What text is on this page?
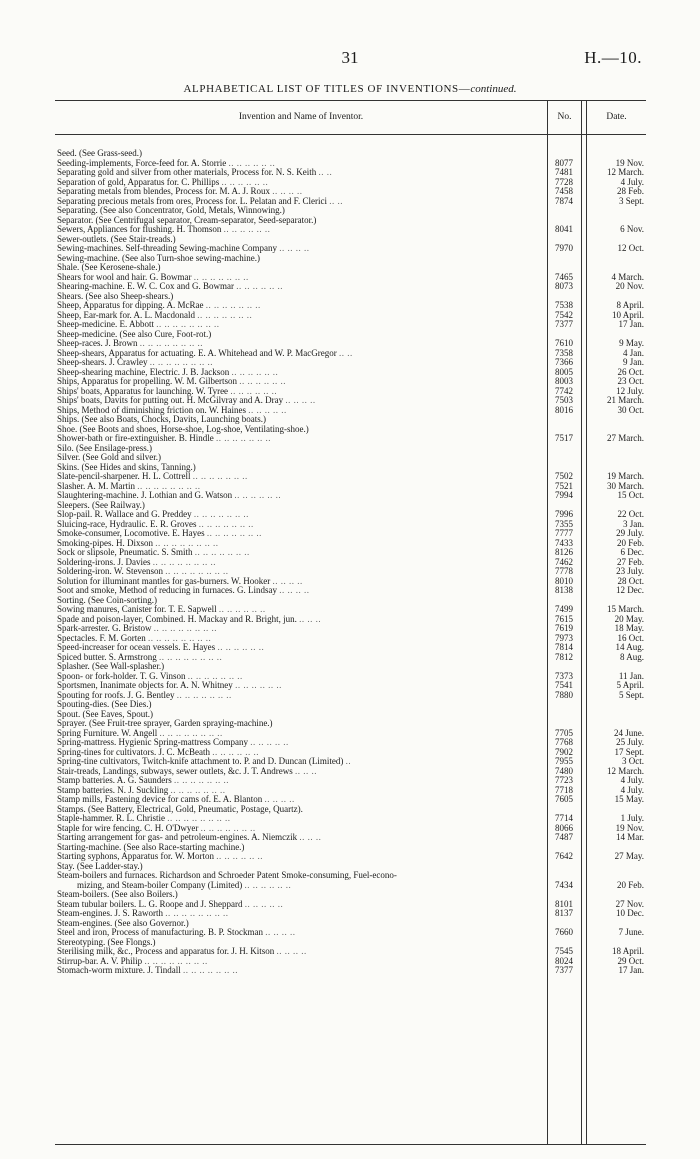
31	H.—10.
ALPHABETICAL LIST OF TITLES OF INVENTIONS—continued.
Invention and Name of Inventor.	No.	Date.
Seed. (See Grass-seed.)
Seeding-implements, Force-feed for. A. Storrie .. .. .. .. .. ..	8077	19 Nov.
Separating gold and silver from other materials, Process for. N. S. Keith .. ..	7481	12 March.
Separation of gold, Apparatus for. C. Phillips .. .. .. .. .. ..	7728	4 July.
Separating metals from blendes, Process for. M. A. J. Roux .. .. .. ..	7458	28 Feb.
Separating precious metals from ores, Process for. L. Pelatan and F. Clerici .. ..	7874	3 Sept.
Separating. (See also Concentrator, Gold, Metals, Winnowing.)
Separator. (See Centrifugal separator, Cream-separator, Seed-separator.)
Sewers, Appliances for flushing. H. Thomson .. .. .. .. .. ..	8041	6 Nov.
Sewer-outlets. (See Stair-treads.)
Sewing-machines. Self-threading Sewing-machine Company .. .. .. ..	7970	12 Oct.
Sewing-machine. (See also Turn-shoe sewing-machine.)
Shale. (See Kerosene-shale.)
Shears for wool and hair. G. Bowmar .. .. .. .. .. .. ..	7465	4 March.
Shearing-machine. E. W. C. Cox and G. Bowmar .. .. .. .. .. ..	8073	20 Nov.
Shears. (See also Sheep-shears.)
Sheep, Apparatus for dipping. A. McRae .. .. .. .. .. .. ..	7538	8 April.
Sheep, Ear-mark for. A. L. Macdonald .. .. .. .. .. .. ..	7542	10 April.
Sheep-medicine. E. Abbott .. .. .. .. .. .. .. ..	7377	17 Jan.
Sheep-medicine. (See also Cure, Foot-rot.)
Sheep-races. J. Brown .. .. .. .. .. .. .. ..	7610	9 May.
Sheep-shears, Apparatus for actuating. E. A. Whitehead and W. P. MacGregor .. ..	7358	4 Jan.
Sheep-shears. J. Crawley .. .. .. .. .. .. .. ..	7366	9 Jan.
Sheep-shearing machine, Electric. J. B. Jackson .. .. .. .. .. ..	8005	26 Oct.
Ships, Apparatus for propelling. W. M. Gilbertson .. .. .. .. .. ..	8003	23 Oct.
Ships' boats, Apparatus for launching. W. Tyree .. .. .. .. .. ..	7742	12 July.
Ships' boats, Davits for putting out. H. McGilvray and A. Dray .. .. .. ..	7503	21 March.
Ships, Method of diminishing friction on. W. Haines .. .. .. .. ..	8016	30 Oct.
Ships. (See also Boats, Chocks, Davits, Launching boats.)
Shoe. (See Boots and shoes, Horse-shoe, Log-shoe, Ventilating-shoe.)
Shower-bath or fire-extinguisher. B. Hindle .. .. .. .. .. .. ..	7517	27 March.
Silo. (See Ensilage-press.)
Silver. (See Gold and silver.)
Skins. (See Hides and skins, Tanning.)
Slate-pencil-sharpener. H. L. Cottrell .. .. .. .. .. .. ..	7502	19 March.
Slasher. A. M. Martin .. .. .. .. .. .. .. ..	7521	30 March.
Slaughtering-machine. J. Lothian and G. Watson .. .. .. .. .. ..	7994	15 Oct.
Sleepers. (See Railway.)
Slop-pail. R. Wallace and G. Preddey .. .. .. .. .. .. ..	7996	22 Oct.
Sluicing-race, Hydraulic. E. R. Groves .. .. .. .. .. .. ..	7355	3 Jan.
Smoke-consumer, Locomotive. E. Hayes .. .. .. .. .. .. ..	7777	29 July.
Smoking-pipes. H. Dixson .. .. .. .. .. .. .. ..	7433	20 Feb.
Sock or slipsole, Pneumatic. S. Smith .. .. .. .. .. .. ..	8126	6 Dec.
Soldering-irons. J. Davies .. .. .. .. .. .. .. ..	7462	27 Feb.
Soldering-iron. W. Stevenson .. .. .. .. .. .. .. ..	7778	23 July.
Solution for illuminant mantles for gas-burners. W. Hooker .. .. .. ..	8010	28 Oct.
Soot and smoke, Method of reducing in furnaces. G. Lindsay .. .. .. ..	8138	12 Dec.
Sorting. (See Coin-sorting.)
Sowing manures, Canister for. T. E. Sapwell .. .. .. .. .. ..	7499	15 March.
Spade and poison-layer, Combined. H. Mackay and R. Bright, jun. .. .. ..	7615	20 May.
Spark-arrester. G. Bristow .. .. .. .. .. .. .. ..	7619	18 May.
Spectacles. F. M. Gorten .. .. .. .. .. .. .. ..	7973	16 Oct.
Speed-increaser for ocean vessels. E. Hayes .. .. .. .. .. ..	7814	14 Aug.
Spiced butter. S. Armstrong .. .. .. .. .. .. .. ..	7812	8 Aug.
Splasher. (See Wall-splasher.)
Spoon- or fork-holder. T. G. Vinson .. .. .. .. .. .. ..	7373	11 Jan.
Sportsmen, Inanimate objects for. A. N. Whitney .. .. .. .. .. ..	7541	5 April.
Spouting for roofs. J. G. Bentley .. .. .. .. .. .. ..	7880	5 Sept.
Spouting-dies. (See Dies.)
Spout. (See Eaves, Spout.)
Sprayer. (See Fruit-tree sprayer, Garden spraying-machine.)
Spring Furniture. W. Angell .. .. .. .. .. .. .. ..	7705	24 June.
Spring-mattress. Hygienic Spring-mattress Company .. .. .. .. ..	7768	25 July.
Spring-tines for cultivators. J. C. McBeath .. .. .. .. .. ..	7902	17 Sept.
Spring-tine cultivators, Twitch-knife attachment to. P. and D. Duncan (Limited) ..	7955	3 Oct.
Stair-treads, Landings, subways, sewer outlets, &c. J. T. Andrews .. .. ..	7480	12 March.
Stamp batteries. A. G. Saunders .. .. .. .. .. .. ..	7723	4 July.
Stamp batteries. N. J. Suckling .. .. .. .. .. .. ..	7718	4 July.
Stamp mills, Fastening device for cams of. E. A. Blanton .. .. .. ..	7605	15 May.
Stamps. (See Battery, Electrical, Gold, Pneumatic, Postage, Quartz).
Staple-hammer. R. L. Christie .. .. .. .. .. .. .. ..	7714	1 July.
Staple for wire fencing. C. H. O'Dwyer .. .. .. .. .. .. ..	8066	19 Nov.
Starting arrangement for gas- and petroleum-engines. A. Niemczik .. .. ..	7487	14 Mar.
Starting-machine. (See also Race-starting machine.)
Starting syphons, Apparatus for. W. Morton .. .. .. .. .. ..	7642	27 May.
Stay. (See Ladder-stay.)
Steam-boilers and furnaces. Richardson and Schroeder Patent Smoke-consuming, Fuel-econo-
mizing, and Steam-boiler Company (Limited) .. .. .. .. .. ..	7434	20 Feb.
Steam-boilers. (See also Boilers.)
Steam tubular boilers. L. G. Roope and J. Sheppard .. .. .. .. ..	8101	27 Nov.
Steam-engines. J. S. Raworth .. .. .. .. .. .. .. ..	8137	10 Dec.
Steam-engines. (See also Governor.)
Steel and iron, Process of manufacturing. B. P. Stockman .. .. .. ..	7660	7 June.
Stereotyping. (See Flongs.)
Sterilising milk, &c., Process and apparatus for. J. H. Kitson .. .. .. ..	7545	18 April.
Stirrup-bar. A. V. Philip .. .. .. .. .. .. .. ..	8024	29 Oct.
Stomach-worm mixture. J. Tindall .. .. .. .. .. .. ..	7377	17 Jan.
